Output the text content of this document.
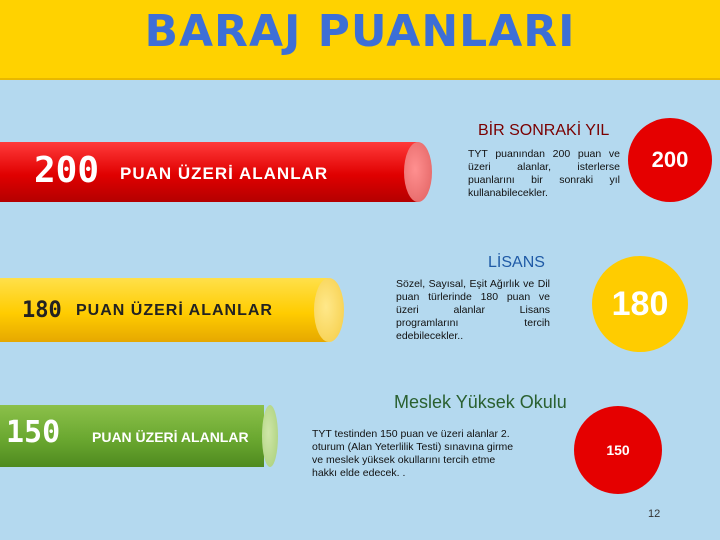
BARAJ PUANLARI
200 PUAN ÜZERİ ALANLAR
BİR SONRAKİ YIL
TYT puanından 200 puan ve üzeri alanlar, isterlerse puanlarını bir sonraki yıl kullanabilecekler.
200
180 PUAN ÜZERİ ALANLAR
LİSANS
Sözel, Sayısal, Eşit Ağırlık ve Dil puan türlerinde 180 puan ve üzeri alanlar Lisans programlarını tercih edebilecekler..
180
150 PUAN ÜZERİ ALANLAR
Meslek Yüksek Okulu
TYT testinden 150 puan ve üzeri alanlar 2. oturum (Alan Yeterlilik Testi) sınavına girme ve meslek yüksek okullarını tercih etme hakkı elde edecek. .
150
12
